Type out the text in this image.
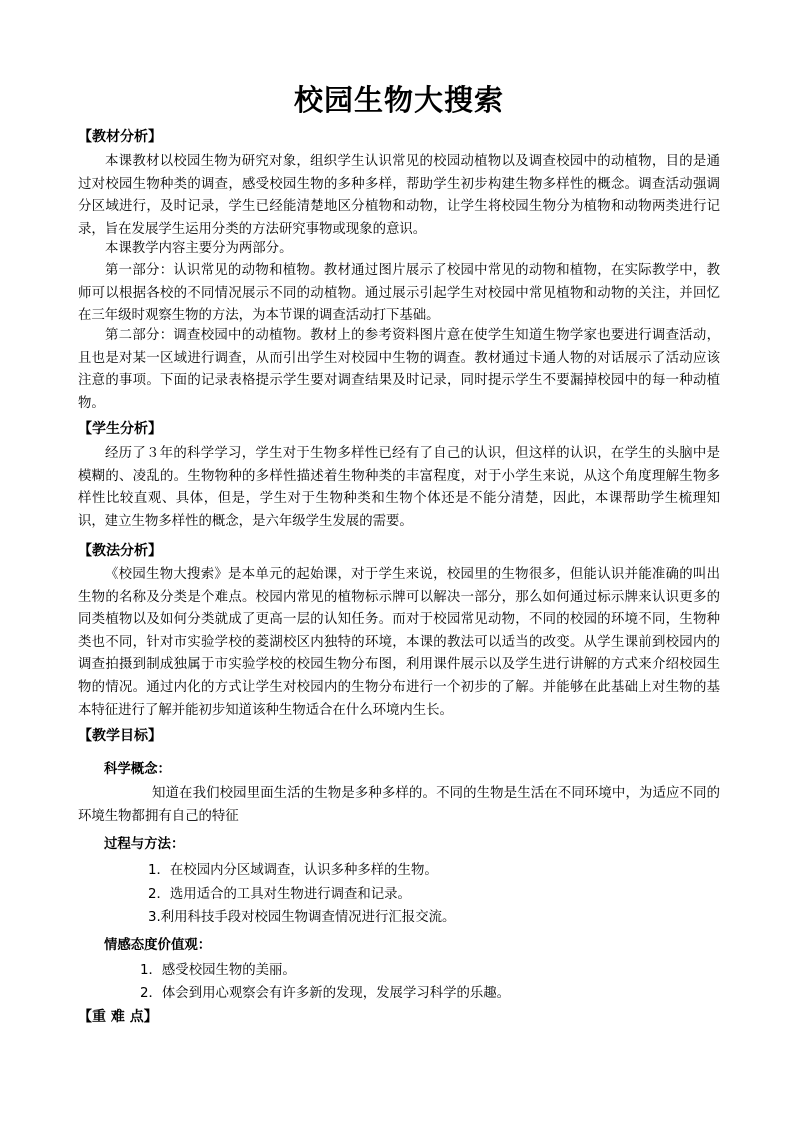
校园生物大搜索
【教材分析】

本课教材以校园生物为研究对象，组织学生认识常见的校园动植物以及调查校园中的动植物，目的是通过对校园生物种类的调查，感受校园生物的多种多样，帮助学生初步构建生物多样性的概念。调查活动强调分区域进行，及时记录，学生已经能清楚地区分植物和动物，让学生将校园生物分为植物和动物两类进行记录，旨在发展学生运用分类的方法研究事物或现象的意识。

本课教学内容主要分为两部分。

第一部分：认识常见的动物和植物。教材通过图片展示了校园中常见的动物和植物，在实际教学中，教师可以根据各校的不同情况展示不同的动植物。通过展示引起学生对校园中常见植物和动物的关注，并回忆在三年级时观察生物的方法，为本节课的调查活动打下基础。

第二部分：调查校园中的动植物。教材上的参考资料图片意在使学生知道生物学家也要进行调查活动，且也是对某一区域进行调查，从而引出学生对校园中生物的调查。教材通过卡通人物的对话展示了活动应该注意的事项。下面的记录表格提示学生要对调查结果及时记录，同时提示学生不要漏掉校园中的每一种动植物。

【学生分析】

经历了３年的科学学习，学生对于生物多样性已经有了自己的认识，但这样的认识，在学生的头脑中是模糊的、凌乱的。生物物种的多样性描述着生物种类的丰富程度，对于小学生来说，从这个角度理解生物多样性比较直观、具体，但是，学生对于生物种类和生物个体还是不能分清楚，因此，本课帮助学生梳理知识，建立生物多样性的概念，是六年级学生发展的需要。

【教法分析】

《校园生物大搜索》是本单元的起始课，对于学生来说，校园里的生物很多，但能认识并能准确的叫出生物的名称及分类是个难点。校园内常见的植物标示牌可以解决一部分，那么如何通过标示牌来认识更多的同类植物以及如何分类就成了更高一层的认知任务。而对于校园常见动物，不同的校园的环境不同，生物种类也不同，针对市实验学校的菱湖校区内独特的环境，本课的教法可以适当的改变。从学生课前到校园内的调查拍摄到制成独属于市实验学校的校园生物分布图，利用课件展示以及学生进行讲解的方式来介绍校园生物的情况。通过内化的方式让学生对校园内的生物分布进行一个初步的了解。并能够在此基础上对生物的基本特征进行了解并能初步知道该种生物适合在什么环境内生长。

【教学目标】
科学概念：

知道在我们校园里面生活的生物是多种多样的。不同的生物是生活在不同环境中，为适应不同的环境生物都拥有自己的特征

过程与方法：
1．在校园内分区域调查，认识多种多样的生物。
2．选用适合的工具对生物进行调查和记录。
3.利用科技手段对校园生物调查情况进行汇报交流。
情感态度价值观：
1．感受校园生物的美丽。
2．体会到用心观察会有许多新的发现，发展学习科学的乐趣。
【重 难 点】
